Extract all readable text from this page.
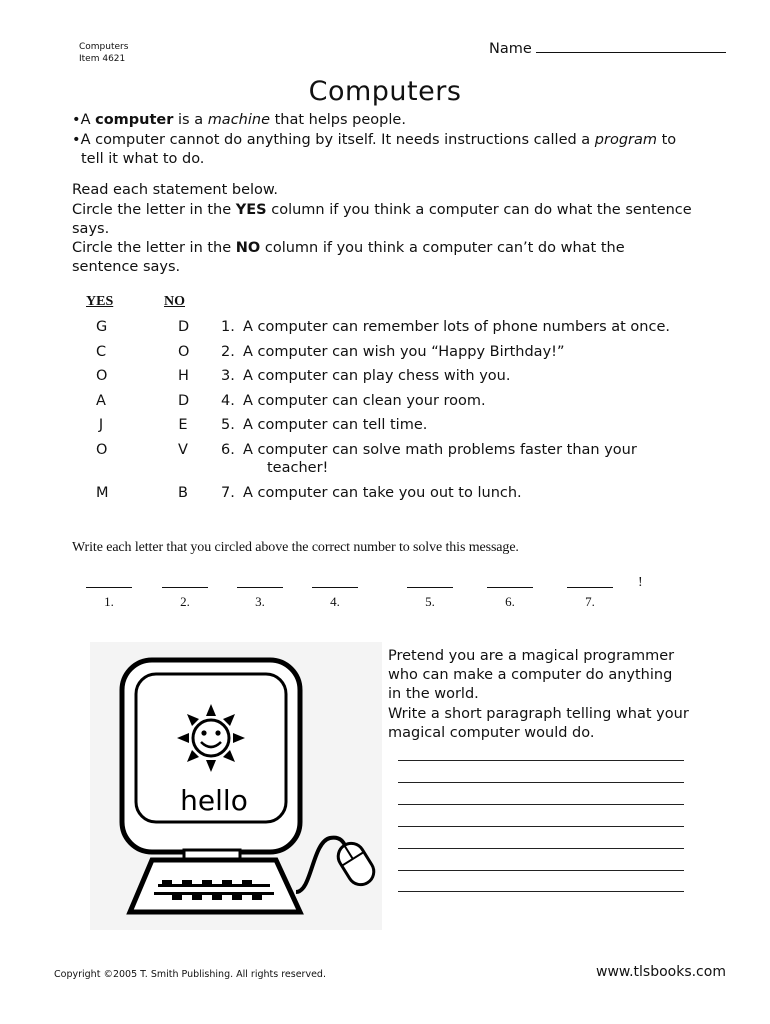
Computers
Item 4621
Name
Computers
•A computer is a machine that helps people.
•A computer cannot do anything by itself. It needs instructions called a program to
tell it what to do.
Read each statement below.
Circle the letter in the YES column if you think a computer can do what the sentence
says.
Circle the letter in the NO column if you think a computer can’t do what the
sentence says.
YES	NO
G	D	1.	A computer can remember lots of phone numbers at once.

C	O	2.	A computer can wish you “Happy Birthday!”

O	H	3.	A computer can play chess with you.

A	D	4.	A computer can clean your room.

J	E	5.	A computer can tell time.

O	V	6.	A computer can solve math problems faster than your
teacher!

M	B	7.	A computer can take you out to lunch.
Write each letter that you circled above the correct number to solve this message.
1.	2.	3.	4.	5.	6.	7.
!
hello
Pretend you are a magical programmer
who can make a computer do anything
in the world.
Write a short paragraph telling what your
magical computer would do.
Copyright ©2005 T. Smith Publishing. All rights reserved.	www.tlsbooks.com
